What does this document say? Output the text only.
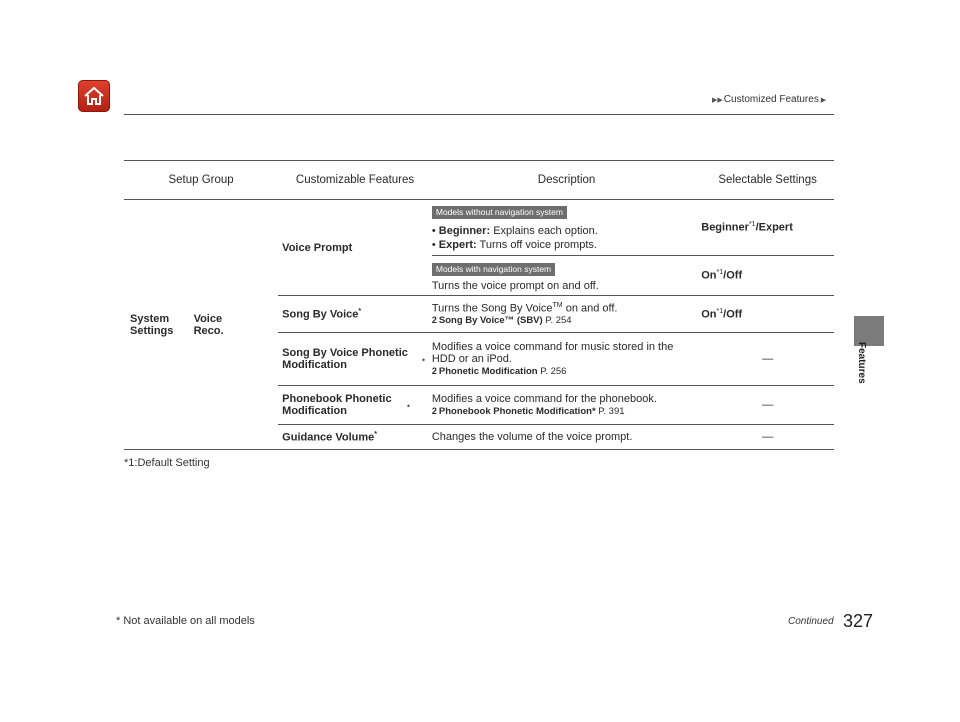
▶▶Customized Features ▶
Features
Setup Group		Customizable Features	Description	Selectable Settings
System Settings	Voice Reco.	Voice Prompt	Models without navigation system
• Beginner: Explains each option.
• Expert: Turns off voice prompts.	Beginner$^{*1}$/Expert
			Models with navigation system
Turns the voice prompt on and off.	On$^{*1}$/Off
		Song By Voice*	Turns the Song By Voice™ on and off.
2 Song By Voice™ (SBV) P. 254	On$^{*1}$/Off
		Song By Voice Phonetic Modification *	Modifies a voice command for music stored in the HDD or an iPod.
2 Phonetic Modification P. 256	—
		Phonebook Phonetic Modification *	Modifies a voice command for the phonebook.
2 Phonebook Phonetic Modification* P. 391	—
		Guidance Volume*	Changes the volume of the voice prompt.	—
*1:Default Setting
* Not available on all models	Continued 327
